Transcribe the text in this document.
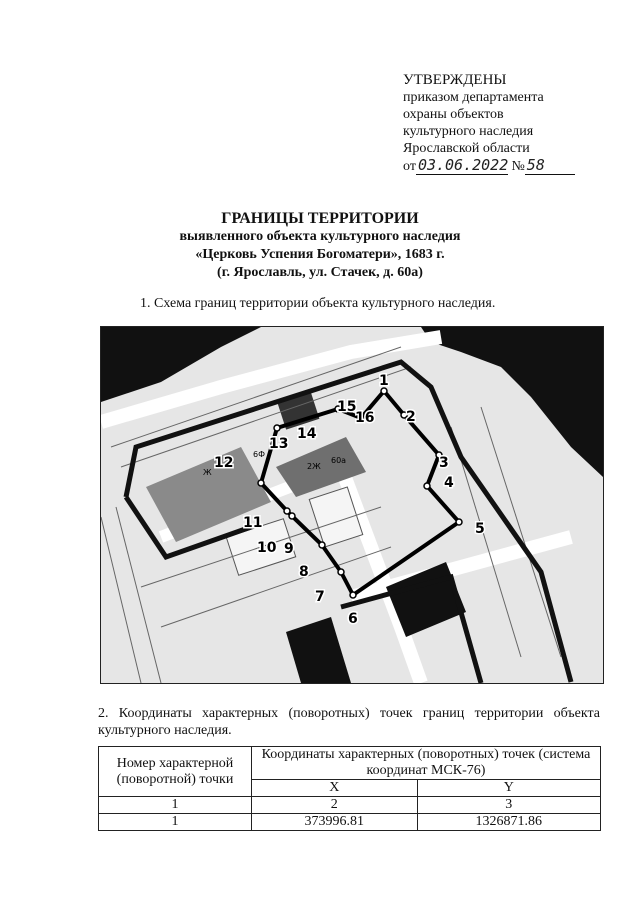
УТВЕРЖДЕНЫ
приказом департамента
охраны объектов
культурного наследия
Ярославской области
от 03.06.2022 № 58
ГРАНИЦЫ ТЕРРИТОРИИ
выявленного объекта культурного наследия
«Церковь Успения Богоматери», 1683 г.
(г. Ярославль, ул. Стачек, д. 60а)
1. Схема границ территории объекта культурного наследия.
1
2
3
4
5
6
7
8
9
10
11
12
13
14
15
16
6Ф
Ж
2Ж
60а
2. Координаты характерных (поворотных) точек границ территории объекта культурного наследия.
Номер характерной (поворотной) точки	Координаты характерных (поворотных) точек (система координат МСК-76)	
	X	Y
1	2	3
1	373996.81	1326871.86
